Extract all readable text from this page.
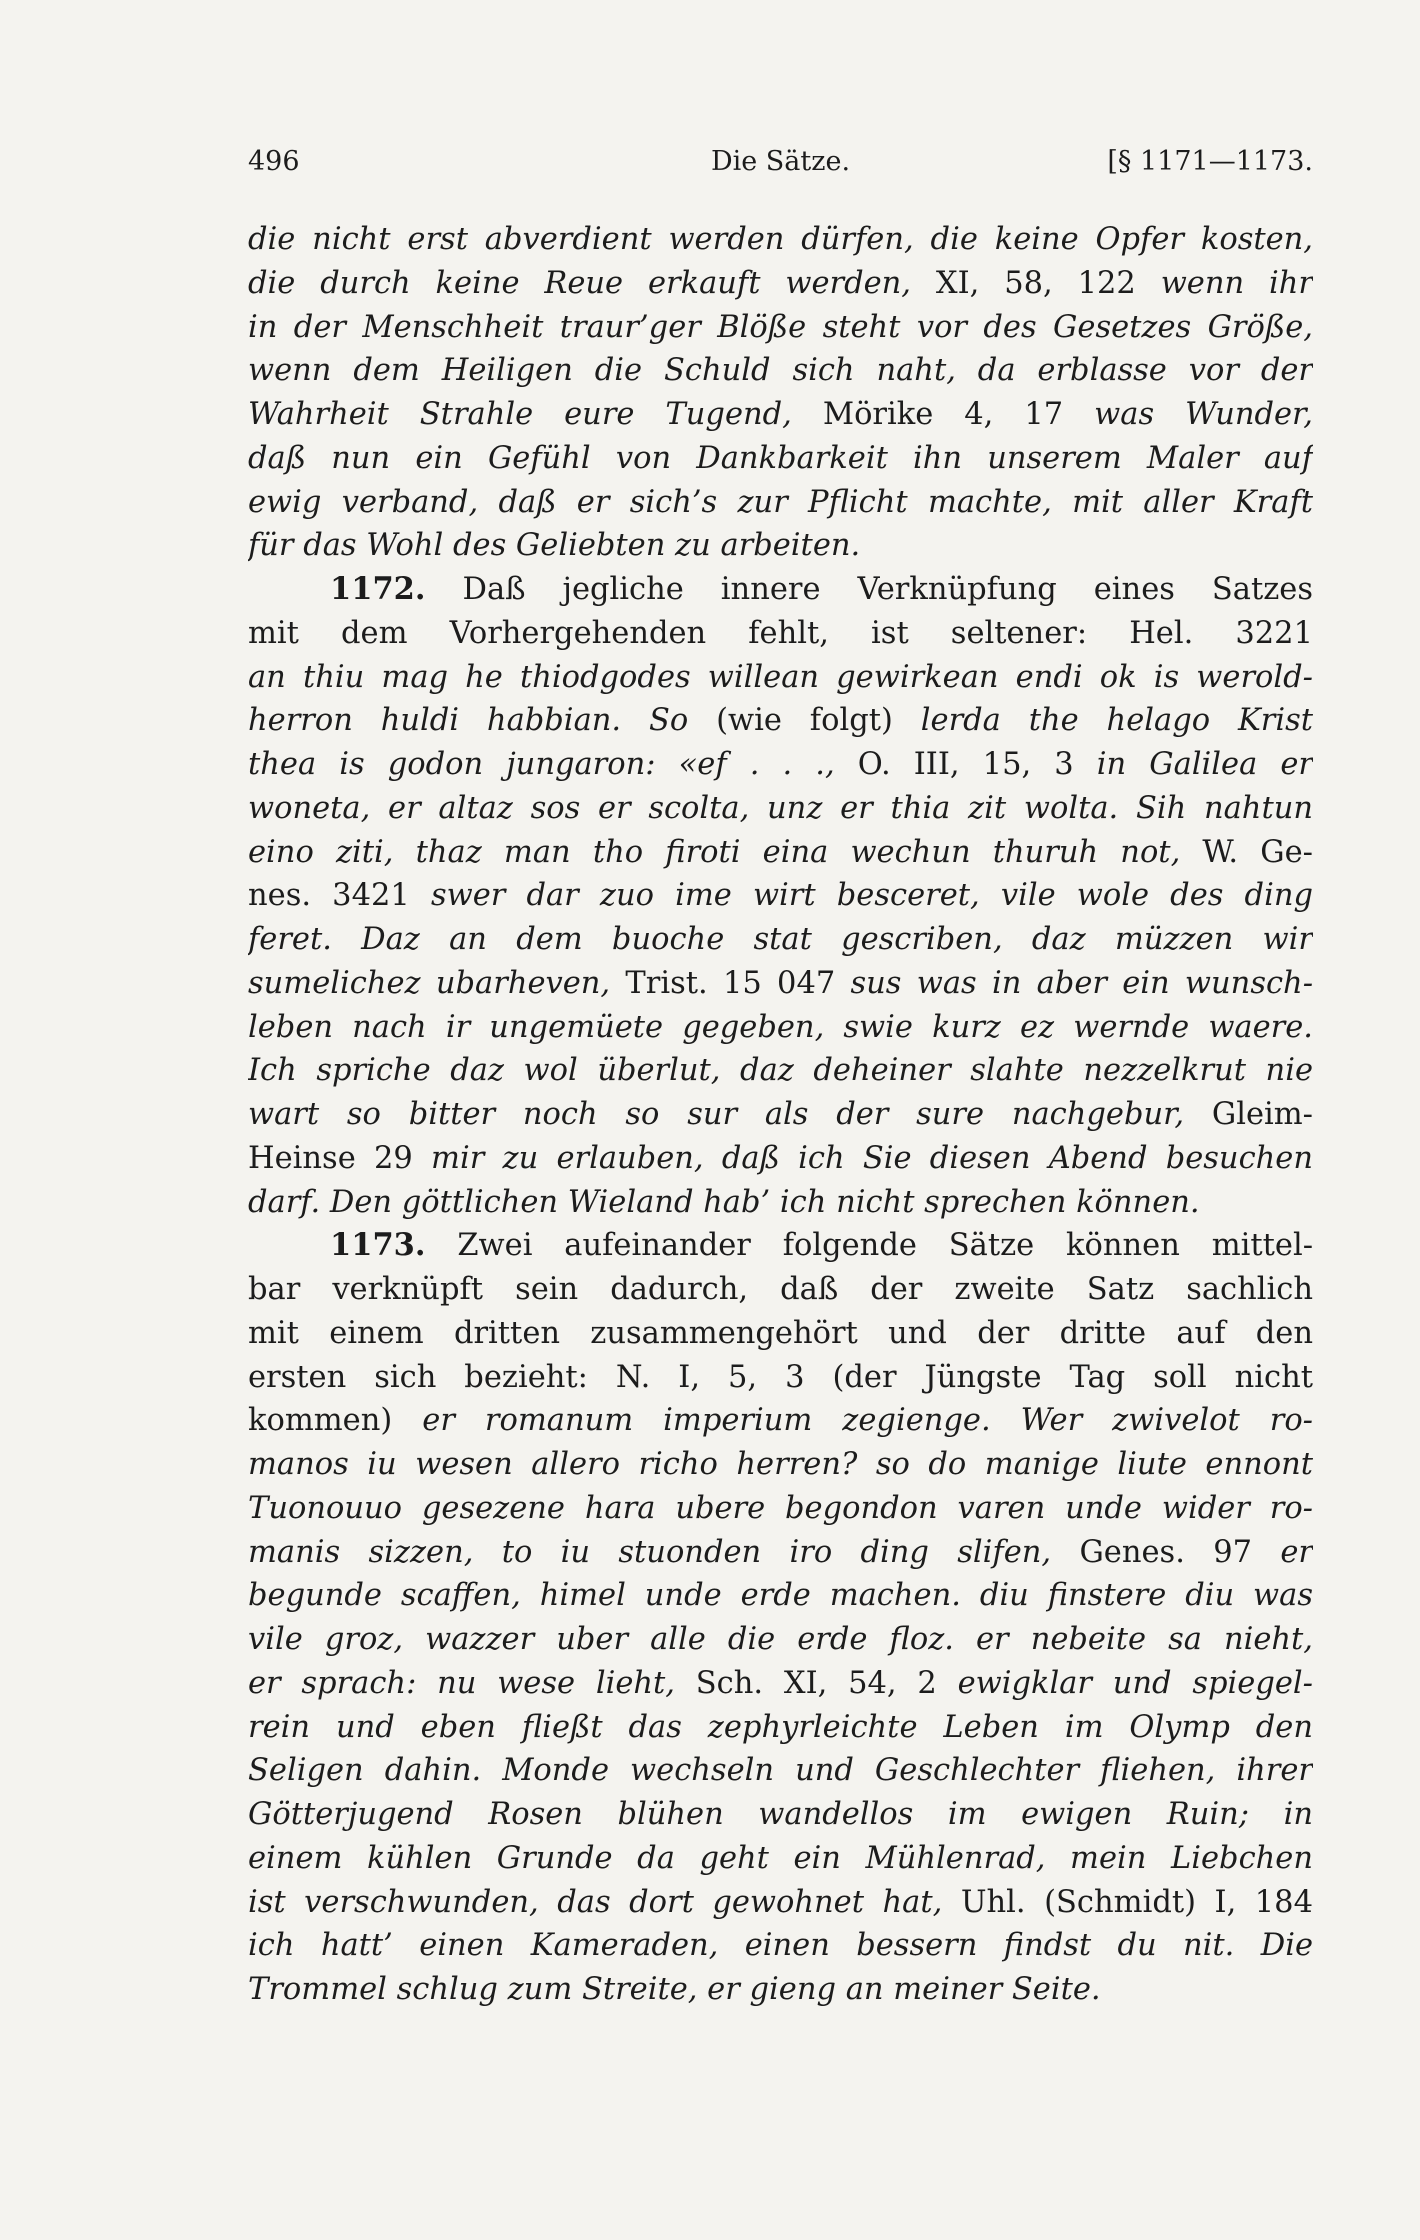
496	Die Sätze.	[§ 1171—1173.
die nicht erst abverdient werden dürfen, die keine Opfer kosten,
die durch keine Reue erkauft werden, XI, 58, 122 wenn ihr
in der Menschheit traur’ger Blöße steht vor des Gesetzes Größe,
wenn dem Heiligen die Schuld sich naht, da erblasse vor der
Wahrheit Strahle eure Tugend, Mörike 4, 17 was Wunder,
daß nun ein Gefühl von Dankbarkeit ihn unserem Maler auf
ewig verband, daß er sich’s zur Pflicht machte, mit aller Kraft
für das Wohl des Geliebten zu arbeiten.
1172. Daß jegliche innere Verknüpfung eines Satzes
mit dem Vorhergehenden fehlt, ist seltener: Hel. 3221
an thiu mag he thiodgodes willean gewirkean endi ok is werold-
herron huldi habbian. So (wie folgt) lerda the helago Krist
thea is godon jungaron: «ef . . ., O. III, 15, 3 in Galilea er
woneta, er altaz sos er scolta, unz er thia zit wolta. Sih nahtun
eino ziti, thaz man tho firoti eina wechun thuruh not, W. Ge-
nes. 3421 swer dar zuo ime wirt besceret, vile wole des ding
feret. Daz an dem buoche stat gescriben, daz müzzen wir
sumelichez ubarheven, Trist. 15 047 sus was in aber ein wunsch-
leben nach ir ungemüete gegeben, swie kurz ez wernde waere.
Ich spriche daz wol überlut, daz deheiner slahte nezzelkrut nie
wart so bitter noch so sur als der sure nachgebur, Gleim-
Heinse 29 mir zu erlauben, daß ich Sie diesen Abend besuchen
darf. Den göttlichen Wieland hab’ ich nicht sprechen können.
1173. Zwei aufeinander folgende Sätze können mittel-
bar verknüpft sein dadurch, daß der zweite Satz sachlich
mit einem dritten zusammengehört und der dritte auf den
ersten sich bezieht: N. I, 5, 3 (der Jüngste Tag soll nicht
kommen) er romanum imperium zegienge. Wer zwivelot ro-
manos iu wesen allero richo herren? so do manige liute ennont
Tuonouuo gesezene hara ubere begondon varen unde wider ro-
manis sizzen, to iu stuonden iro ding slifen, Genes. 97 er
begunde scaffen, himel unde erde machen. diu finstere diu was
vile groz, wazzer uber alle die erde floz. er nebeite sa nieht,
er sprach: nu wese lieht, Sch. XI, 54, 2 ewigklar und spiegel-
rein und eben fließt das zephyrleichte Leben im Olymp den
Seligen dahin. Monde wechseln und Geschlechter fliehen, ihrer
Götterjugend Rosen blühen wandellos im ewigen Ruin; in
einem kühlen Grunde da geht ein Mühlenrad, mein Liebchen
ist verschwunden, das dort gewohnet hat, Uhl. (Schmidt) I, 184
ich hatt’ einen Kameraden, einen bessern findst du nit. Die
Trommel schlug zum Streite, er gieng an meiner Seite.
